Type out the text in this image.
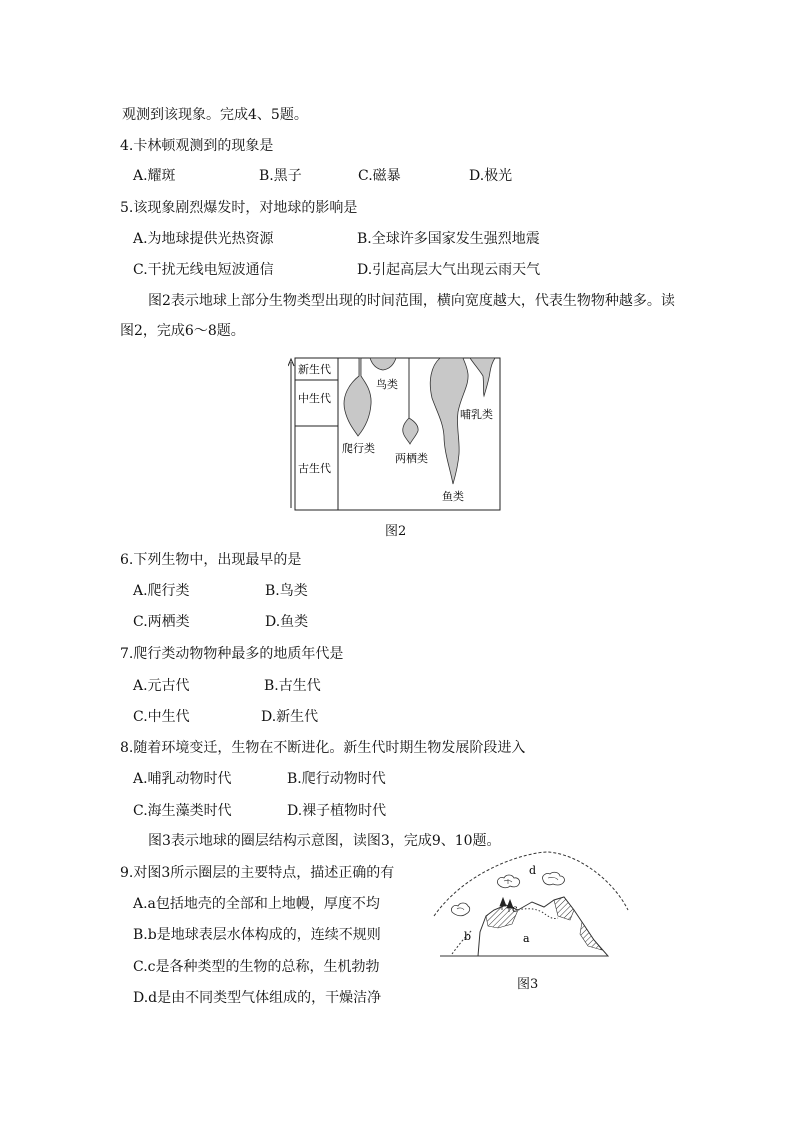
观测到该现象。完成4、5题。
4.卡林顿观测到的现象是
A.耀斑	B.黑子	C.磁暴	D.极光
5.该现象剧烈爆发时，对地球的影响是
A.为地球提供光热资源	B.全球许多国家发生强烈地震
C.干扰无线电短波通信	D.引起高层大气出现云雨天气
图2表示地球上部分生物类型出现的时间范围，横向宽度越大，代表生物物种越多。读
图2，完成6～8题。
新生代
中生代
古生代
鸟类
哺乳类
爬行类
两栖类
鱼类
图2
6.下列生物中，出现最早的是
A.爬行类	B.鸟类
C.两栖类	D.鱼类
7.爬行类动物物种最多的地质年代是
A.元古代	B.古生代
C.中生代	D.新生代
8.随着环境变迁，生物在不断进化。新生代时期生物发展阶段进入
A.哺乳动物时代	B.爬行动物时代
C.海生藻类时代	D.裸子植物时代
图3表示地球的圈层结构示意图，读图3，完成9、10题。
9.对图3所示圈层的主要特点，描述正确的有
A.a包括地壳的全部和上地幔，厚度不均
B.b是地球表层水体构成的，连续不规则
C.c是各种类型的生物的总称，生机勃勃
D.d是由不同类型气体组成的，干燥洁净
d
c
a
b
图3
